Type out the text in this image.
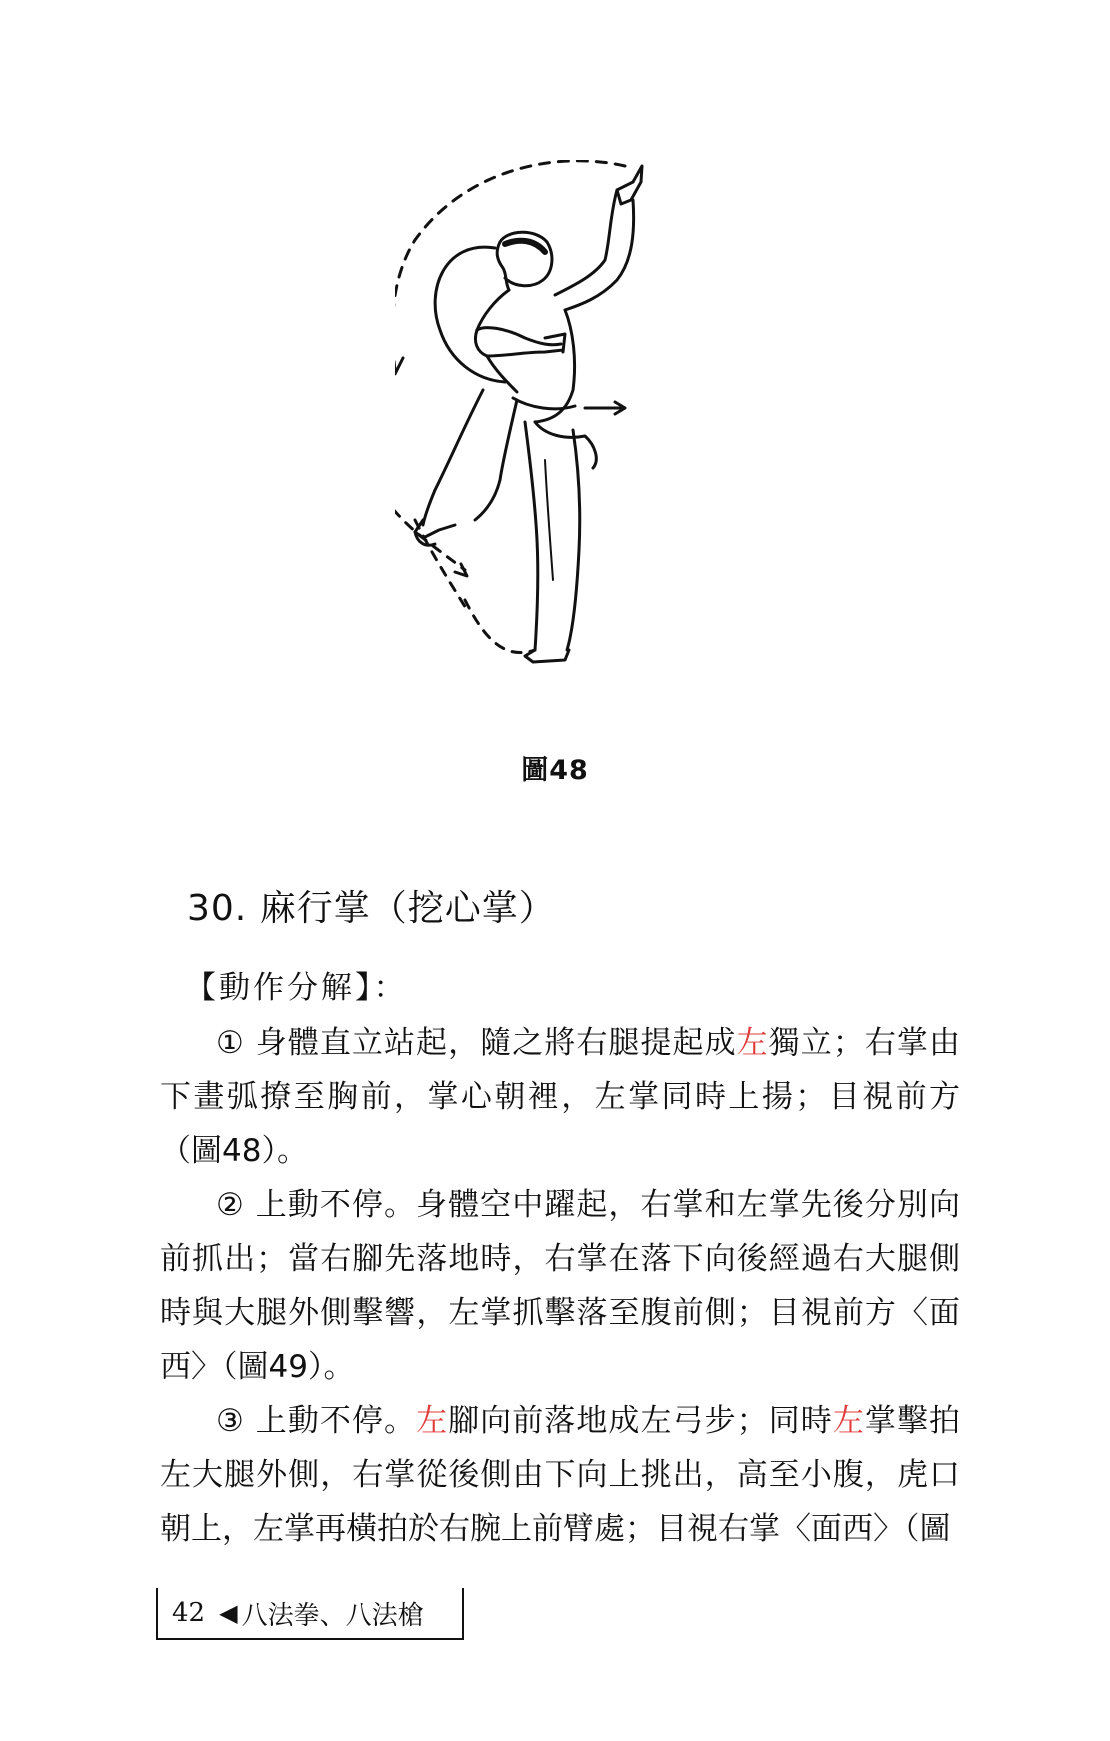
圖48
30. 麻行掌（挖心掌）
【動作分解】：

① 身體直立站起，隨之將右腿提起成左獨立；右掌由下畫弧撩至胸前，掌心朝裡，左掌同時上揚；目視前方（圖48）。

② 上動不停。身體空中躍起，右掌和左掌先後分別向前抓出；當右腳先落地時，右掌在落下向後經過右大腿側時與大腿外側擊響，左掌抓擊落至腹前側；目視前方〈面西〉（圖49）。

③ 上動不停。左腳向前落地成左弓步；同時左掌擊拍左大腿外側，右掌從後側由下向上挑出，高至小腹，虎口朝上，左掌再橫拍於右腕上前臂處；目視右掌〈面西〉（圖

42 ◀ 八法拳、八法槍
